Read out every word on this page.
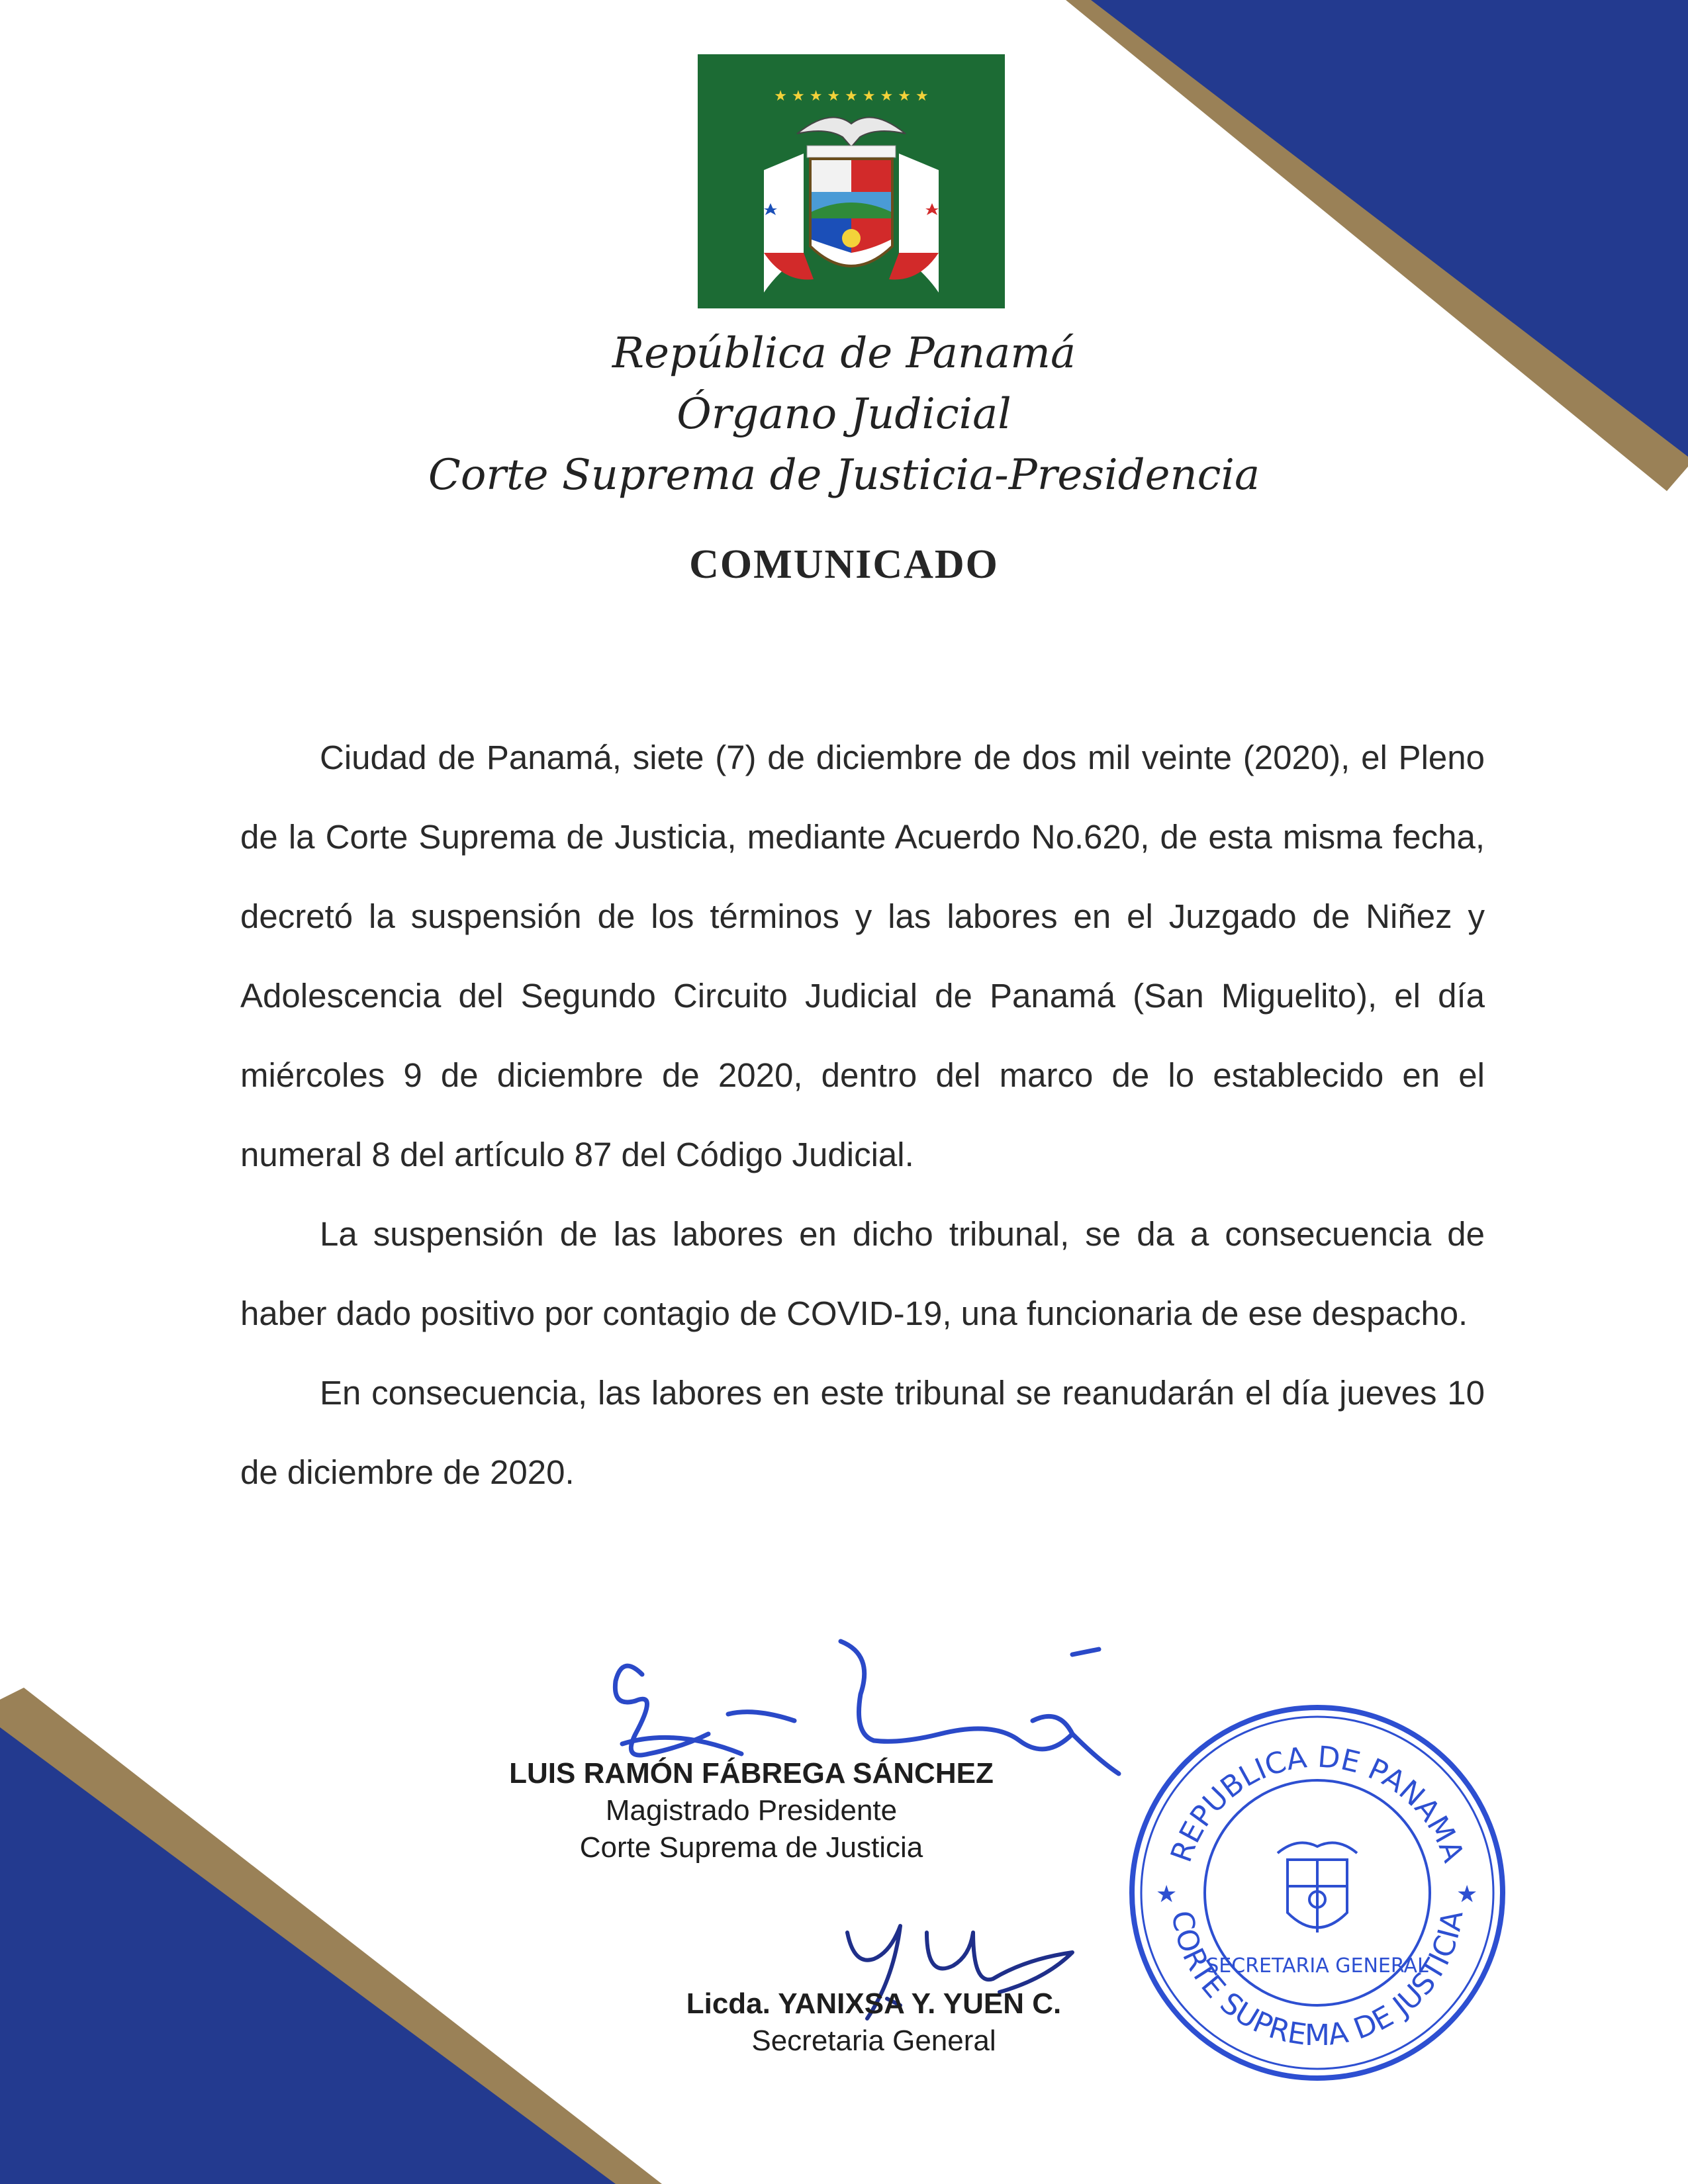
★ ★ ★ ★ ★ ★ ★ ★ ★
República de Panamá
Órgano Judicial
Corte Suprema de Justicia-Presidencia
COMUNICADO

Ciudad de Panamá, siete (7) de diciembre de dos mil veinte (2020), el Pleno de la Corte Suprema de Justicia, mediante Acuerdo No.620, de esta misma fecha, decretó la suspensión de los términos y las labores en el Juzgado de Niñez y Adolescencia del Segundo Circuito Judicial de Panamá (San Miguelito), el día miércoles 9 de diciembre de 2020, dentro del marco de lo establecido en el numeral 8 del artículo 87 del Código Judicial.

La suspensión de las labores en dicho tribunal, se da a consecuencia de haber dado positivo por contagio de COVID-19, una funcionaria de ese despacho.

En consecuencia, las labores en este tribunal se reanudarán el día jueves 10 de diciembre de 2020.

LUIS RAMÓN FÁBREGA SÁNCHEZ
Magistrado Presidente
Corte Suprema de Justicia
Licda. YANIXSA Y. YUEN C.
Secretaria General
REPUBLICA DE PANAMA
CORTE SUPREMA DE JUSTICIA
★	★
SECRETARIA GENERAL
